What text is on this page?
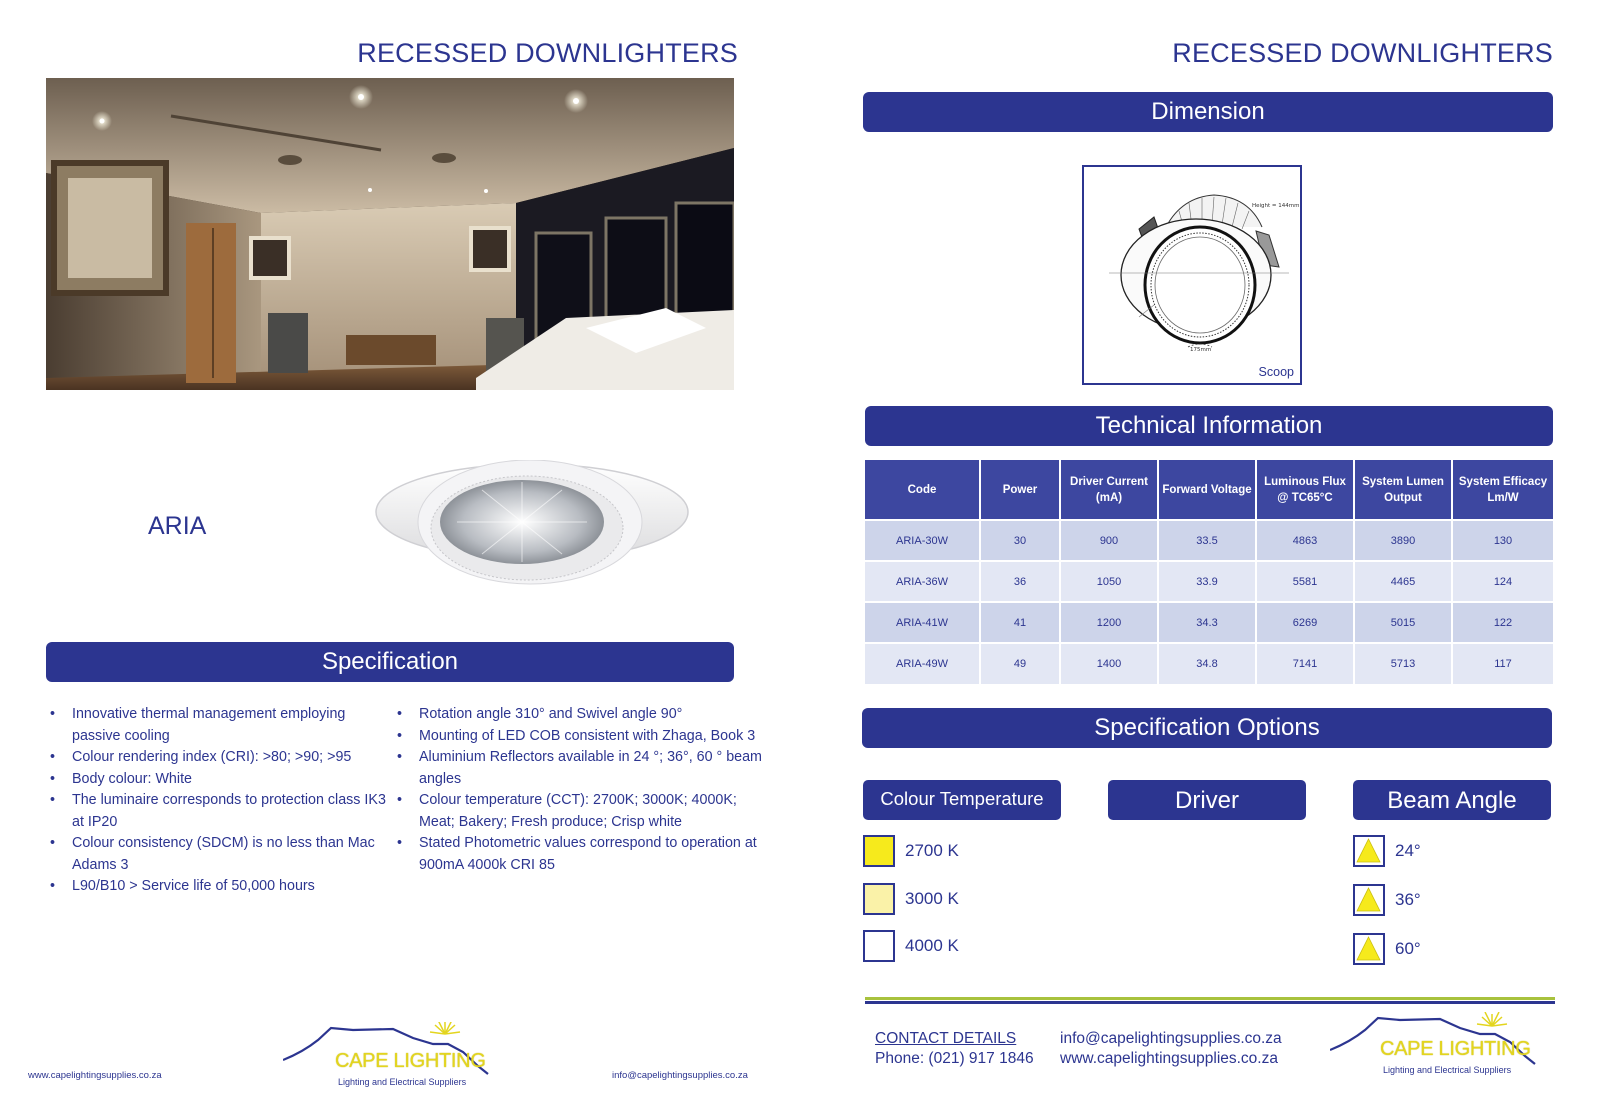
RECESSED DOWNLIGHTERS
ARIA
Specification
• Innovative thermal management employing passive cooling
• Colour rendering index (CRI): >80; >90; >95
• Body colour: White
• The luminaire corresponds to protection class IK3 at IP20
• Colour consistency (SDCM) is no less than Mac Adams 3
• L90/B10 > Service life of 50,000 hours
• Rotation angle 310° and Swivel angle 90°
• Mounting of LED COB consistent with Zhaga, Book 3
• Aluminium Reflectors available in 24 °; 36°, 60 ° beam angles
• Colour temperature (CCT): 2700K; 3000K; 4000K; Meat; Bakery; Fresh produce; Crisp white
• Stated Photometric values correspond to operation at 900mA 4000k CRI 85
www.capelightingsupplies.co.za	info@capelightingsupplies.co.za
CAPE LIGHTING
Lighting and Electrical Suppliers
RECESSED DOWNLIGHTERS
Dimension
Height = 144mm
175mm
Scoop
Technical Information
Code	Power	Driver Current (mA)	Forward Voltage	Luminous Flux @ TC65°C	System Lumen Output	System Efficacy Lm/W
ARIA-30W	30	900	33.5	4863	3890	130
ARIA-36W	36	1050	33.9	5581	4465	124
ARIA-41W	41	1200	34.3	6269	5015	122
ARIA-49W	49	1400	34.8	7141	5713	117
Specification Options
Colour Temperature	Driver	Beam Angle
2700 K
3000 K
4000 K
24°
36°
60°
CONTACT DETAILS
Phone: (021) 917 1846
info@capelightingsupplies.co.za
www.capelightingsupplies.co.za	CAPE LIGHTING
Lighting and Electrical Suppliers
